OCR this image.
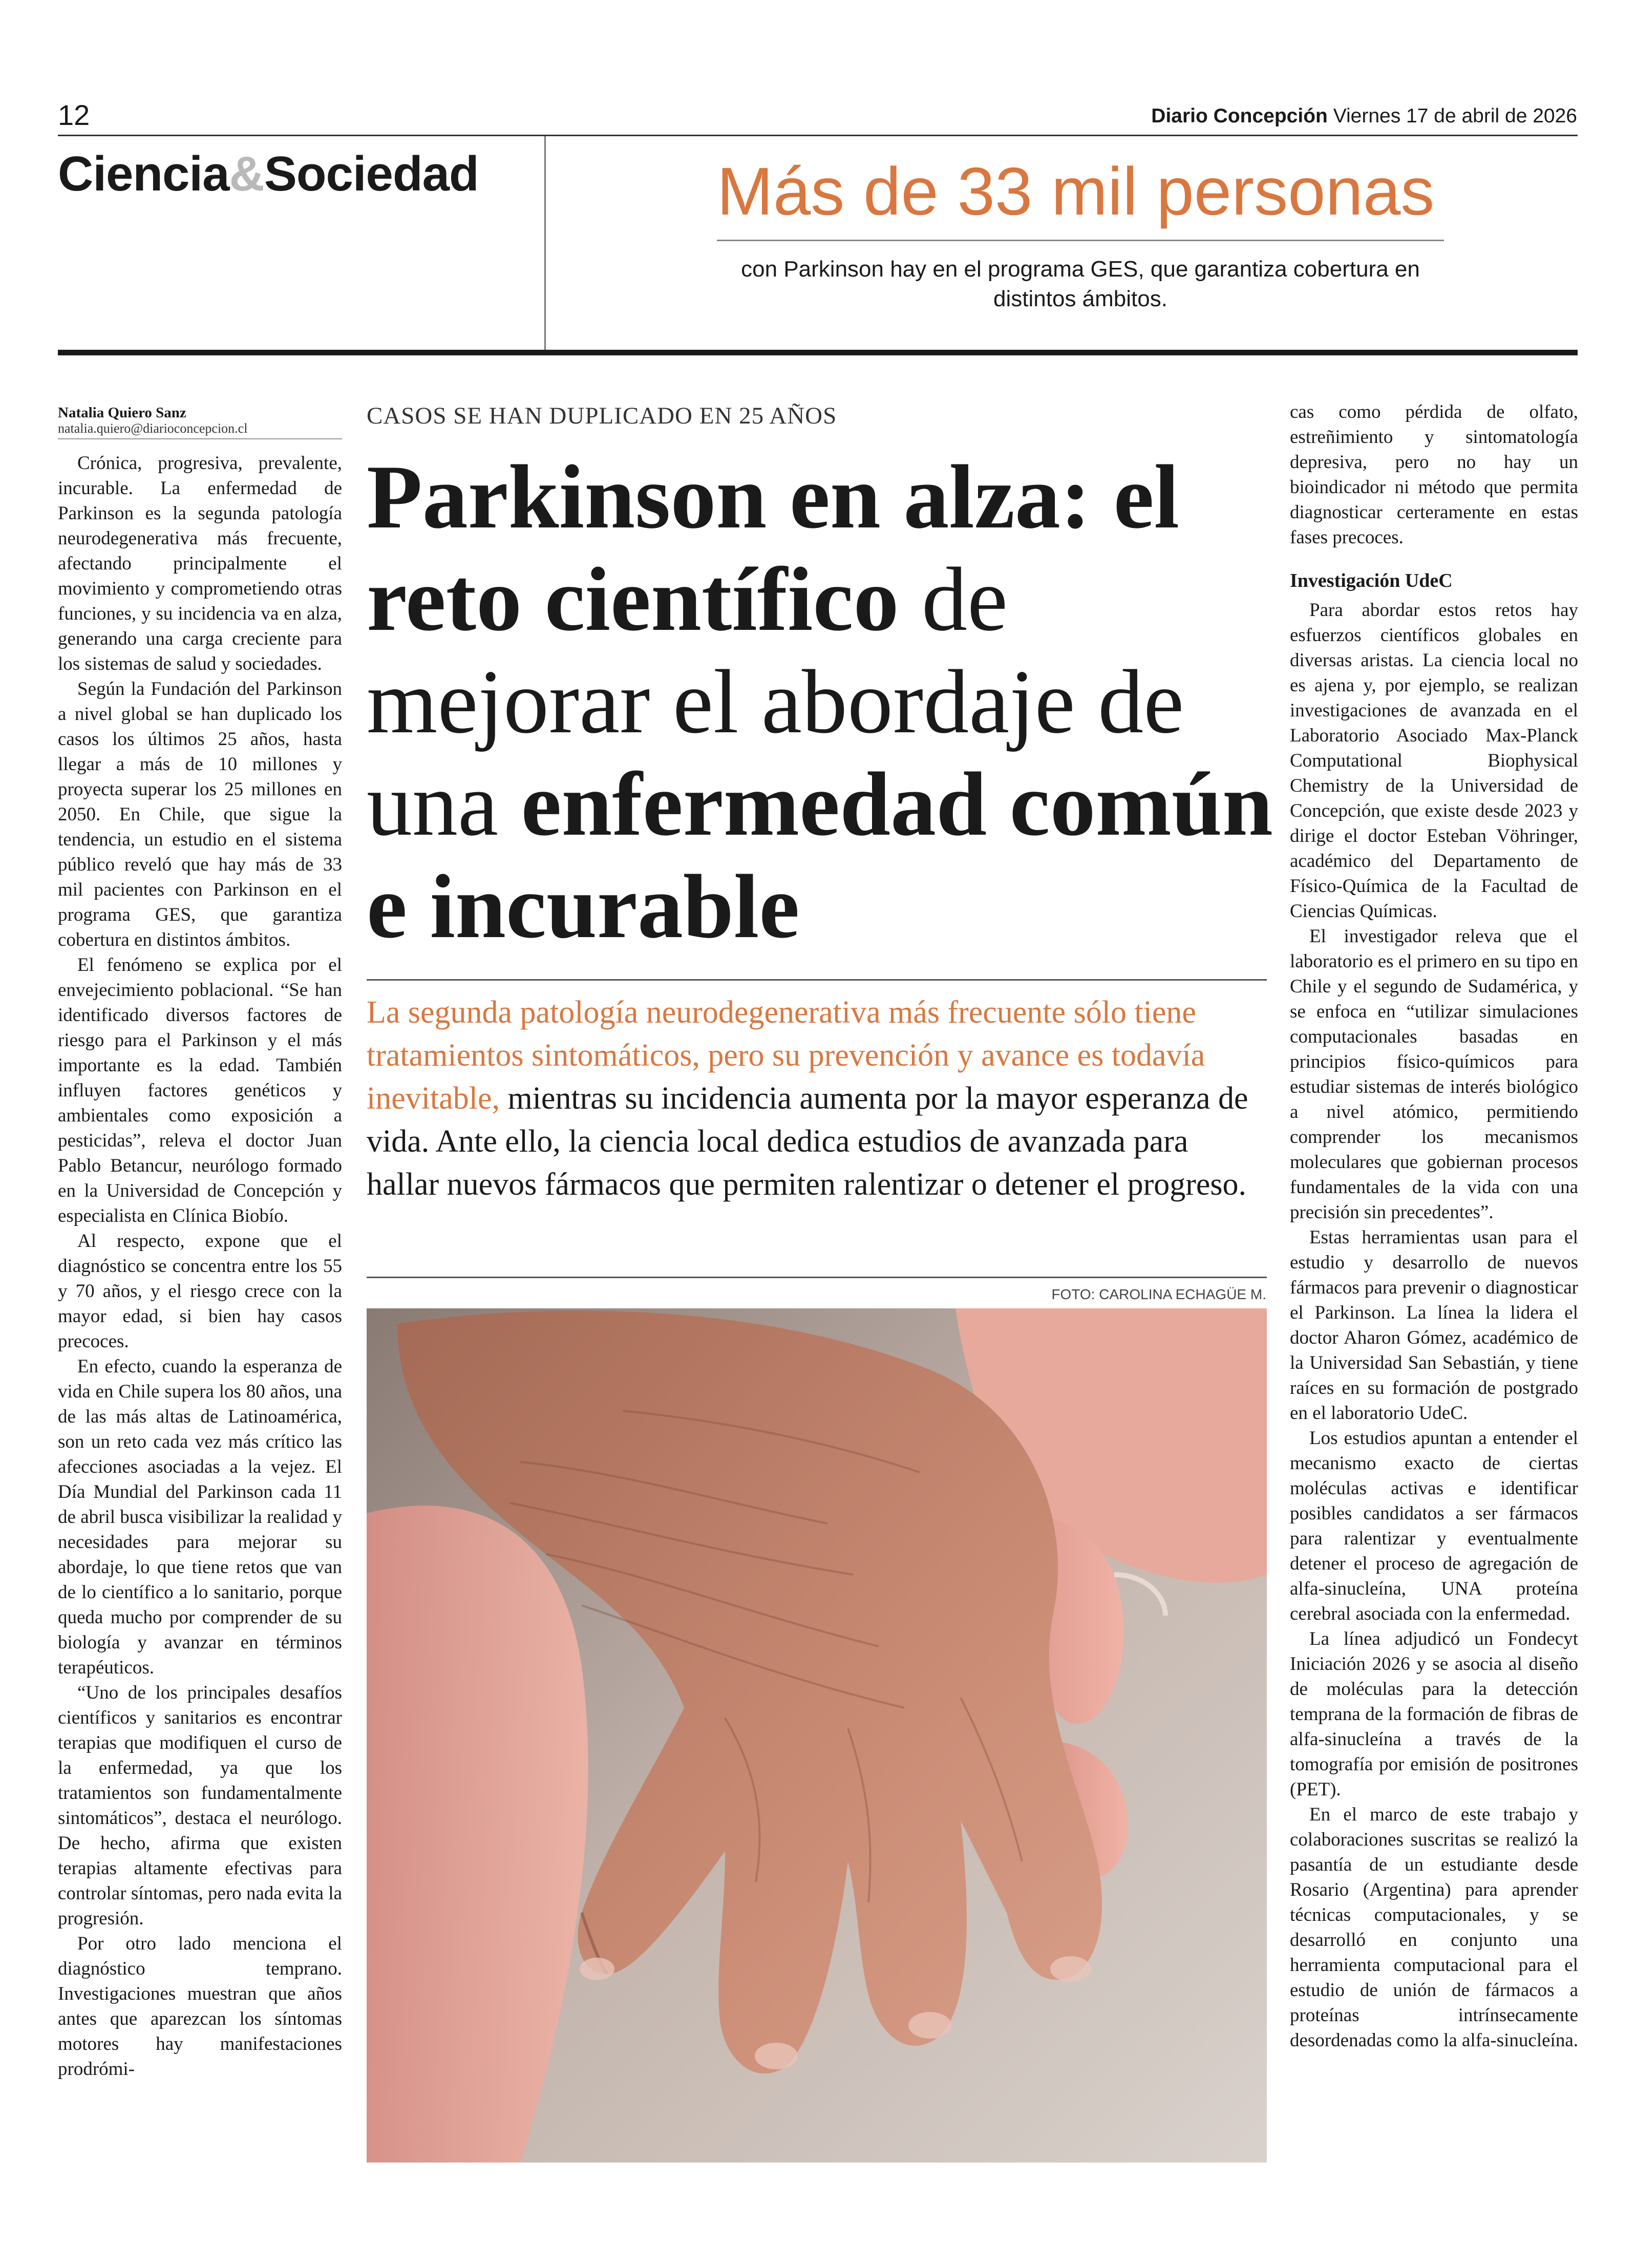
12	Diario Concepción Viernes 17 de abril de 2026
Ciencia&Sociedad	Más de 33 mil personas
con Parkinson hay en el programa GES, que garantiza cobertura en distintos ámbitos.
Natalia Quiero Sanz
natalia.quiero@diarioconcepcion.cl

Crónica, progresiva, prevalente, incurable. La enfermedad de Parkinson es la segunda patología neurodegenerativa más frecuente, afectando principalmente el movimiento y comprometiendo otras funciones, y su incidencia va en alza, generando una carga creciente para los sistemas de salud y sociedades.

Según la Fundación del Parkinson a nivel global se han duplicado los casos los últimos 25 años, hasta llegar a más de 10 millones y proyecta superar los 25 millones en 2050. En Chile, que sigue la tendencia, un estudio en el sistema público reveló que hay más de 33 mil pacientes con Parkinson en el programa GES, que garantiza cobertura en distintos ámbitos.

El fenómeno se explica por el envejecimiento poblacional. “Se han identificado diversos factores de riesgo para el Parkinson y el más importante es la edad. También influyen factores genéticos y ambientales como exposición a pesticidas”, releva el doctor Juan Pablo Betancur, neurólogo formado en la Universidad de Concepción y especialista en Clínica Biobío.

Al respecto, expone que el diagnóstico se concentra entre los 55 y 70 años, y el riesgo crece con la mayor edad, si bien hay casos precoces.

En efecto, cuando la esperanza de vida en Chile supera los 80 años, una de las más altas de Latinoamérica, son un reto cada vez más crítico las afecciones asociadas a la vejez. El Día Mundial del Parkinson cada 11 de abril busca visibilizar la realidad y necesidades para mejorar su abordaje, lo que tiene retos que van de lo científico a lo sanitario, porque queda mucho por comprender de su biología y avanzar en términos terapéuticos.

“Uno de los principales desafíos científicos y sanitarios es encontrar terapias que modifiquen el curso de la enfermedad, ya que los tratamientos son fundamentalmente sintomáticos”, destaca el neurólogo. De hecho, afirma que existen terapias altamente efectivas para controlar síntomas, pero nada evita la progresión.

Por otro lado menciona el diagnóstico temprano. Investigaciones muestran que años antes que aparezcan los síntomas motores hay manifestaciones prodrómi-

CASOS SE HAN DUPLICADO EN 25 AÑOS
Parkinson en alza: el reto científico de mejorar el abordaje de una enfermedad común e incurable
La segunda patología neurodegenerativa más frecuente sólo tiene tratamientos sintomáticos, pero su prevención y avance es todavía inevitable, mientras su incidencia aumenta por la mayor esperanza de vida. Ante ello, la ciencia local dedica estudios de avanzada para hallar nuevos fármacos que permiten ralentizar o detener el progreso.
FOTO: CAROLINA ECHAGÜE M.

cas como pérdida de olfato, estreñimiento y sintomatología depresiva, pero no hay un bioindicador ni método que permita diagnosticar certeramente en estas fases precoces.

Investigación UdeC

Para abordar estos retos hay esfuerzos científicos globales en diversas aristas. La ciencia local no es ajena y, por ejemplo, se realizan investigaciones de avanzada en el Laboratorio Asociado Max-Planck Computational Biophysical Chemistry de la Universidad de Concepción, que existe desde 2023 y dirige el doctor Esteban Vöhringer, académico del Departamento de Físico-Química de la Facultad de Ciencias Químicas.

El investigador releva que el laboratorio es el primero en su tipo en Chile y el segundo de Sudamérica, y se enfoca en “utilizar simulaciones computacionales basadas en principios físico-químicos para estudiar sistemas de interés biológico a nivel atómico, permitiendo comprender los mecanismos moleculares que gobiernan procesos fundamentales de la vida con una precisión sin precedentes”.

Estas herramientas usan para el estudio y desarrollo de nuevos fármacos para prevenir o diagnosticar el Parkinson. La línea la lidera el doctor Aharon Gómez, académico de la Universidad San Sebastián, y tiene raíces en su formación de postgrado en el laboratorio UdeC.

Los estudios apuntan a entender el mecanismo exacto de ciertas moléculas activas e identificar posibles candidatos a ser fármacos para ralentizar y eventualmente detener el proceso de agregación de alfa-sinucleína, UNA proteína cerebral asociada con la enfermedad.

La línea adjudicó un Fondecyt Iniciación 2026 y se asocia al diseño de moléculas para la detección temprana de la formación de fibras de alfa-sinucleína a través de la tomografía por emisión de positrones (PET).

En el marco de este trabajo y colaboraciones suscritas se realizó la pasantía de un estudiante desde Rosario (Argentina) para aprender técnicas computacionales, y se desarrolló en conjunto una herramienta computacional para el estudio de unión de fármacos a proteínas intrínsecamente desordenadas como la alfa-sinucleína.
